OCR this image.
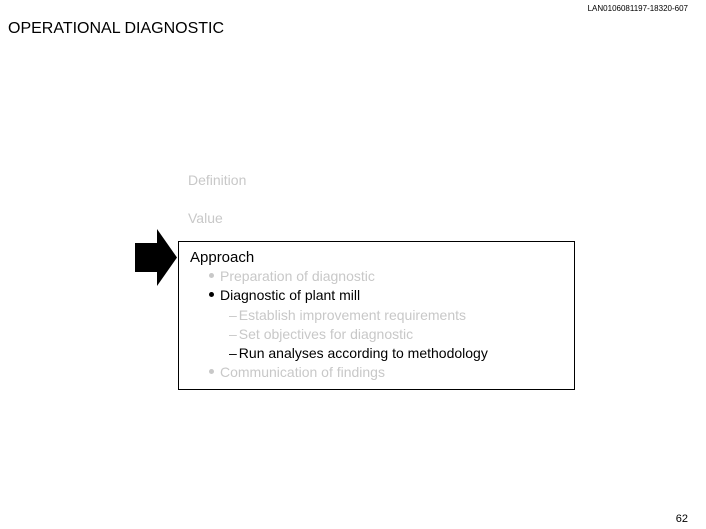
LAN0106081197-18320-607
OPERATIONAL DIAGNOSTIC
Definition
Value
Approach
Preparation of diagnostic
Diagnostic of plant mill
– Establish improvement requirements
– Set objectives for diagnostic
– Run analyses according to methodology
Communication of findings
62
